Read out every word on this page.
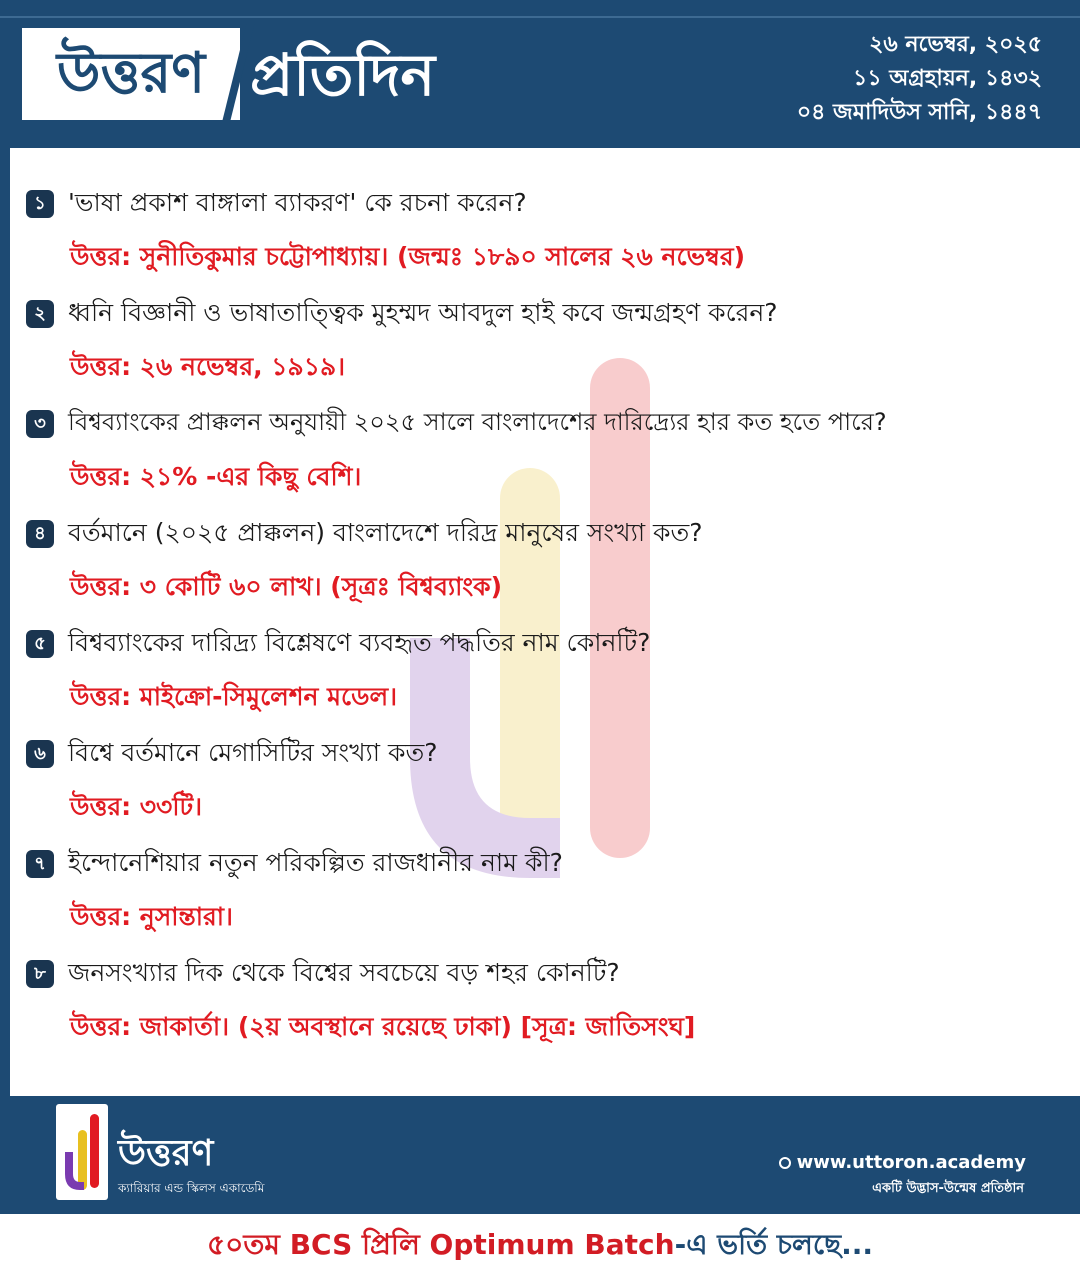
উত্তরণ প্রতিদিন	২৬ নভেম্বর, ২০২৫
১১ অগ্রহায়ন, ১৪৩২
০৪ জমাদিউস সানি, ১৪৪৭
১ 'ভাষা প্রকাশ বাঙ্গালা ব্যাকরণ' কে রচনা করেন?
উত্তর: সুনীতিকুমার চট্টোপাধ্যায়। (জন্মঃ ১৮৯০ সালের ২৬ নভেম্বর)
২ ধ্বনি বিজ্ঞানী ও ভাষাতাত্ত্বিক মুহম্মদ আবদুল হাই কবে জন্মগ্রহণ করেন?
উত্তর: ২৬ নভেম্বর, ১৯১৯।
৩ বিশ্বব্যাংকের প্রাক্কলন অনুযায়ী ২০২৫ সালে বাংলাদেশের দারিদ্র্যের হার কত হতে পারে?
উত্তর: ২১% -এর কিছু বেশি।
৪ বর্তমানে (২০২৫ প্রাক্কলন) বাংলাদেশে দরিদ্র মানুষের সংখ্যা কত?
উত্তর: ৩ কোটি ৬০ লাখ। (সূত্রঃ বিশ্বব্যাংক)
৫ বিশ্বব্যাংকের দারিদ্র্য বিশ্লেষণে ব্যবহৃত পদ্ধতির নাম কোনটি?
উত্তর: মাইক্রো-সিমুলেশন মডেল।
৬ বিশ্বে বর্তমানে মেগাসিটির সংখ্যা কত?
উত্তর: ৩৩টি।
৭ ইন্দোনেশিয়ার নতুন পরিকল্পিত রাজধানীর নাম কী?
উত্তর: নুসান্তারা।
৮ জনসংখ্যার দিক থেকে বিশ্বের সবচেয়ে বড় শহর কোনটি?
উত্তর: জাকার্তা। (২য় অবস্থানে রয়েছে ঢাকা) [সূত্র: জাতিসংঘ]
উত্তরণ
ক্যারিয়ার এন্ড স্কিলস একাডেমি
www.uttoron.academy
একটি উদ্ভাস-উন্মেষ প্রতিষ্ঠান
৫০তম BCS প্রিলি Optimum Batch -এ ভর্তি চলছে...
